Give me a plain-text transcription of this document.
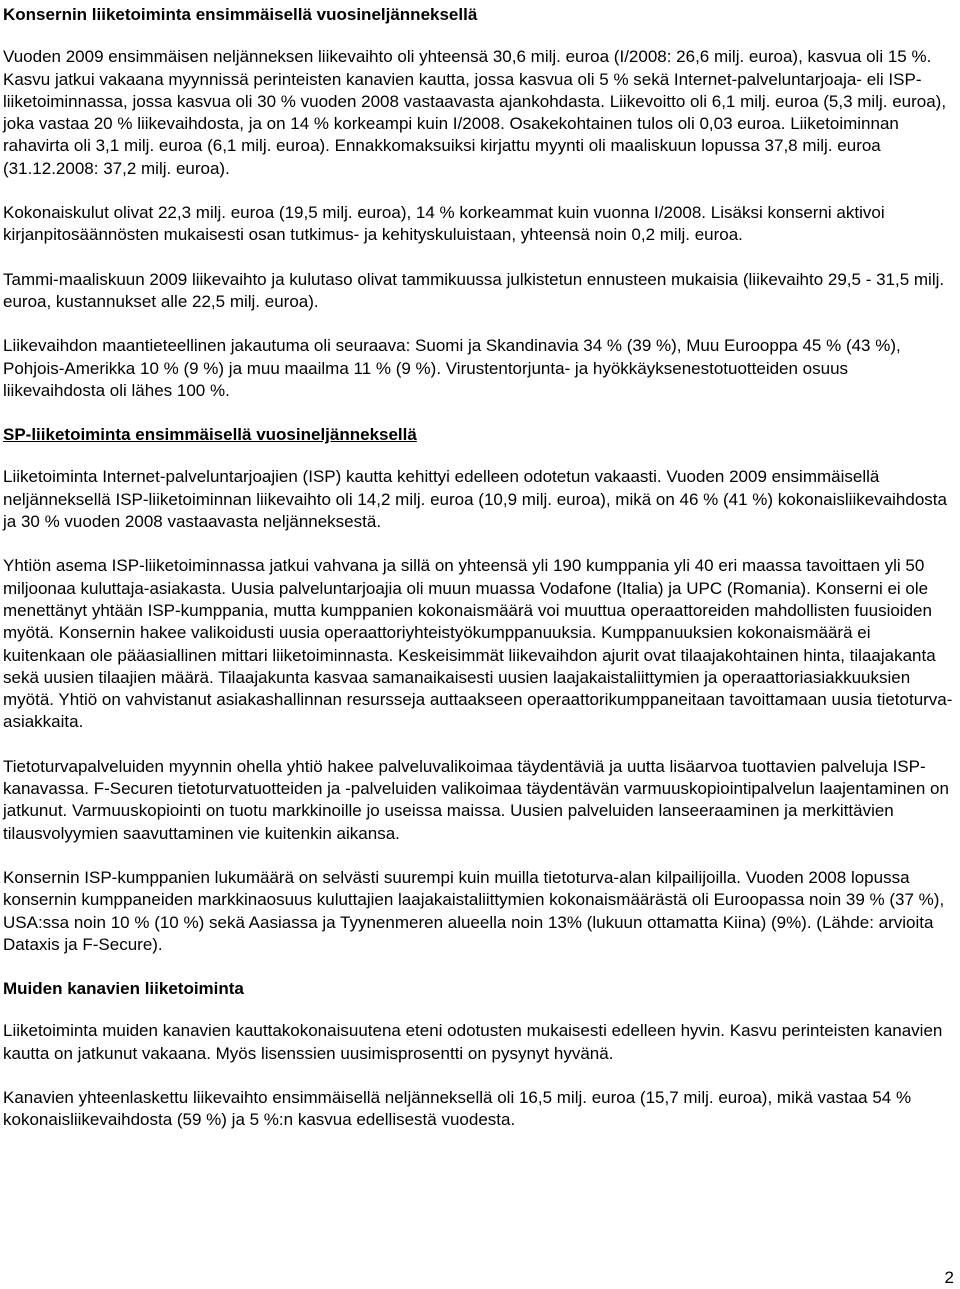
Konsernin liiketoiminta ensimmäisellä vuosineljänneksellä

Vuoden 2009 ensimmäisen neljänneksen liikevaihto oli yhteensä 30,6 milj. euroa (I/2008: 26,6 milj. euroa), kasvua oli 15 %. Kasvu jatkui vakaana myynnissä perinteisten kanavien kautta, jossa kasvua oli 5 % sekä Internet-palveluntarjoaja- eli ISP-liiketoiminnassa, jossa kasvua oli 30 % vuoden 2008 vastaavasta ajankohdasta. Liikevoitto oli 6,1 milj. euroa (5,3 milj. euroa), joka vastaa 20 % liikevaihdosta, ja on 14 % korkeampi kuin I/2008. Osakekohtainen tulos oli 0,03 euroa. Liiketoiminnan rahavirta oli 3,1 milj. euroa (6,1 milj. euroa). Ennakkomaksuiksi kirjattu myynti oli maaliskuun lopussa 37,8 milj. euroa (31.12.2008: 37,2 milj. euroa).

Kokonaiskulut olivat 22,3 milj. euroa (19,5 milj. euroa), 14 % korkeammat kuin vuonna I/2008. Lisäksi konserni aktivoi kirjanpitosäännösten mukaisesti osan tutkimus- ja kehityskuluistaan, yhteensä noin 0,2 milj. euroa.

Tammi-maaliskuun 2009 liikevaihto ja kulutaso olivat tammikuussa julkistetun ennusteen mukaisia (liikevaihto 29,5 - 31,5 milj. euroa, kustannukset alle 22,5 milj. euroa).

Liikevaihdon maantieteellinen jakautuma oli seuraava: Suomi ja Skandinavia 34 % (39 %), Muu Eurooppa 45 % (43 %), Pohjois-Amerikka 10 % (9 %) ja muu maailma 11 % (9 %). Virustentorjunta- ja hyökkäyksenestotuotteiden osuus liikevaihdosta oli lähes 100 %.

SP-liiketoiminta ensimmäisellä vuosineljänneksellä

Liiketoiminta Internet-palveluntarjoajien (ISP) kautta kehittyi edelleen odotetun vakaasti. Vuoden 2009 ensimmäisellä neljänneksellä ISP-liiketoiminnan liikevaihto oli 14,2 milj. euroa (10,9 milj. euroa), mikä on 46 % (41 %) kokonaisliikevaihdosta ja 30 % vuoden 2008 vastaavasta neljänneksestä.

Yhtiön asema ISP-liiketoiminnassa jatkui vahvana ja sillä on yhteensä yli 190 kumppania yli 40 eri maassa tavoittaen yli 50 miljoonaa kuluttaja-asiakasta. Uusia palveluntarjoajia oli muun muassa Vodafone (Italia) ja UPC (Romania). Konserni ei ole menettänyt yhtään ISP-kumppania, mutta kumppanien kokonaismäärä voi muuttua operaattoreiden mahdollisten fuusioiden myötä. Konsernin hakee valikoidusti uusia operaattoriyhteistyökumppanuuksia. Kumppanuuksien kokonaismäärä ei kuitenkaan ole pääasiallinen mittari liiketoiminnasta. Keskeisimmät liikevaihdon ajurit ovat tilaajakohtainen hinta, tilaajakanta sekä uusien tilaajien määrä. Tilaajakunta kasvaa samanaikaisesti uusien laajakaistaliittymien ja operaattoriasiakkuuksien myötä. Yhtiö on vahvistanut asiakashallinnan resursseja auttaakseen operaattorikumppaneitaan tavoittamaan uusia tietoturva-asiakkaita.

Tietoturvapalveluiden myynnin ohella yhtiö hakee palveluvalikoimaa täydentäviä ja uutta lisäarvoa tuottavien palveluja ISP-kanavassa. F-Securen tietoturvatuotteiden ja -palveluiden valikoimaa täydentävän varmuuskopiointipalvelun laajentaminen on jatkunut. Varmuuskopiointi on tuotu markkinoille jo useissa maissa. Uusien palveluiden lanseeraaminen ja merkittävien tilausvolyymien saavuttaminen vie kuitenkin aikansa.

Konsernin ISP-kumppanien lukumäärä on selvästi suurempi kuin muilla tietoturva-alan kilpailijoilla. Vuoden 2008 lopussa konsernin kumppaneiden markkinaosuus kuluttajien laajakaistaliittymien kokonaismäärästä oli Euroopassa noin 39 % (37 %), USA:ssa noin 10 % (10 %) sekä Aasiassa ja Tyynenmeren alueella noin 13% (lukuun ottamatta Kiina) (9%). (Lähde: arvioita Dataxis ja F-Secure).

Muiden kanavien liiketoiminta

Liiketoiminta muiden kanavien kauttakokonaisuutena eteni odotusten mukaisesti edelleen hyvin. Kasvu perinteisten kanavien kautta on jatkunut vakaana. Myös lisenssien uusimisprosentti on pysynyt hyvänä.

Kanavien yhteenlaskettu liikevaihto ensimmäisellä neljänneksellä oli 16,5 milj. euroa (15,7 milj. euroa), mikä vastaa 54 % kokonaisliikevaihdosta (59 %) ja 5 %:n kasvua edellisestä vuodesta.

2
